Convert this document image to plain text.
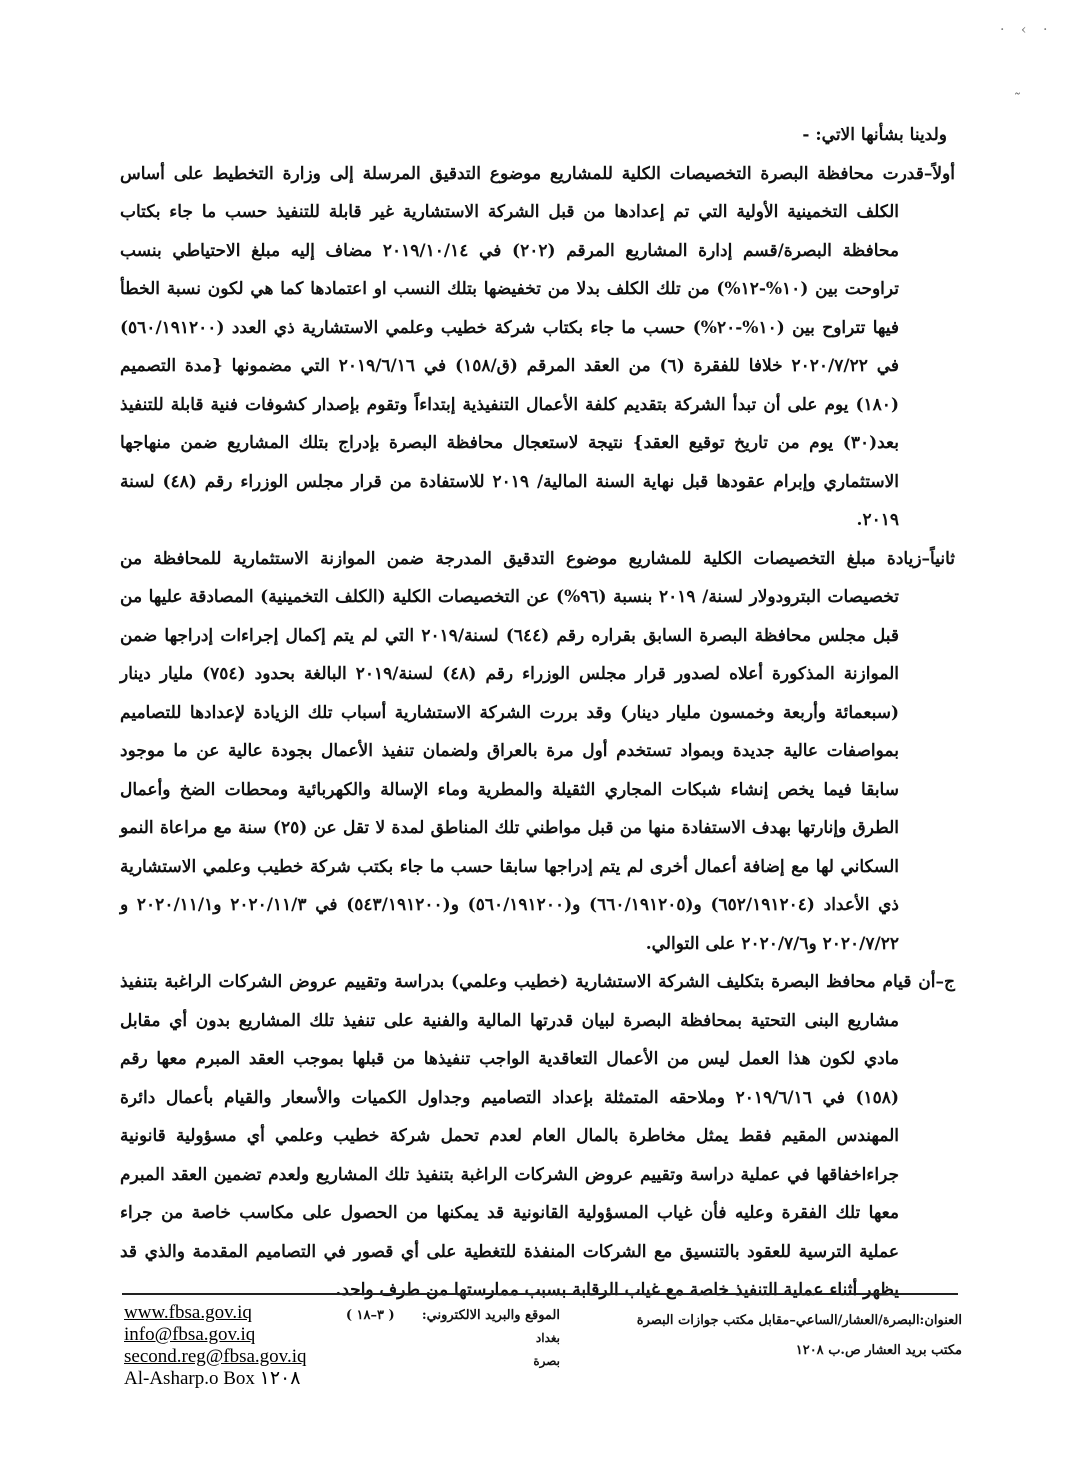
· ‹ ·
˷

ولدينا بشأنها الاتي: -

أولاً–قدرت محافظة البصرة التخصيصات الكلية للمشاريع موضوع التدقيق المرسلة إلى وزارة التخطيط على أساس الكلف التخمينية الأولية التي تم إعدادها من قبل الشركة الاستشارية غير قابلة للتنفيذ حسب ما جاء بكتاب محافظة البصرة/قسم إدارة المشاريع المرقم (٢٠٢) في ٢٠١٩/١٠/١٤ مضاف إليه مبلغ الاحتياطي بنسب تراوحت بين (١٠%-١٢%) من تلك الكلف بدلا من تخفيضها بتلك النسب او اعتمادها كما هي لكون نسبة الخطأ فيها تتراوح بين (١٠%-٢٠%) حسب ما جاء بكتاب شركة خطيب وعلمي الاستشارية ذي العدد (٥٦٠/١٩١٢٠٠) في ٢٠٢٠/٧/٢٢ خلافا للفقرة (٦) من العقد المرقم (ق/١٥٨) في ٢٠١٩/٦/١٦ التي مضمونها {مدة التصميم (١٨٠) يوم على أن تبدأ الشركة بتقديم كلفة الأعمال التنفيذية إبتداءاً وتقوم بإصدار كشوفات فنية قابلة للتنفيذ بعد(٣٠) يوم من تاريخ توقيع العقد} نتيجة لاستعجال محافظة البصرة بإدراج بتلك المشاريع ضمن منهاجها الاستثماري وإبرام عقودها قبل نهاية السنة المالية/ ٢٠١٩ للاستفادة من قرار مجلس الوزراء رقم (٤٨) لسنة ٢٠١٩.

ثانياً–زيادة مبلغ التخصيصات الكلية للمشاريع موضوع التدقيق المدرجة ضمن الموازنة الاستثمارية للمحافظة من تخصيصات البترودولار لسنة/ ٢٠١٩ بنسبة (٩٦%) عن التخصيصات الكلية (الكلف التخمينية) المصادقة عليها من قبل مجلس محافظة البصرة السابق بقراره رقم (٦٤٤) لسنة/٢٠١٩ التي لم يتم إكمال إجراءات إدراجها ضمن الموازنة المذكورة أعلاه لصدور قرار مجلس الوزراء رقم (٤٨) لسنة/٢٠١٩ البالغة بحدود (٧٥٤) مليار دينار (سبعمائة وأربعة وخمسون مليار دينار) وقد بررت الشركة الاستشارية أسباب تلك الزيادة لإعدادها للتصاميم بمواصفات عالية جديدة وبمواد تستخدم أول مرة بالعراق ولضمان تنفيذ الأعمال بجودة عالية عن ما موجود سابقا فيما يخص إنشاء شبكات المجاري الثقيلة والمطرية وماء الإسالة والكهربائية ومحطات الضخ وأعمال الطرق وإنارتها بهدف الاستفادة منها من قبل مواطني تلك المناطق لمدة لا تقل عن (٢٥) سنة مع مراعاة النمو السكاني لها مع إضافة أعمال أخرى لم يتم إدراجها سابقا حسب ما جاء بكتب شركة خطيب وعلمي الاستشارية ذي الأعداد (٦٥٢/١٩١٢٠٤) و(٦٦٠/١٩١٢٠٥) و(٥٦٠/١٩١٢٠٠) و(٥٤٣/١٩١٢٠٠) في ٢٠٢٠/١١/٣ و٢٠٢٠/١١/١ و ٢٠٢٠/٧/٢٢ و٢٠٢٠/٧/٦ على التوالي.

ج–أن قيام محافظ البصرة بتكليف الشركة الاستشارية (خطيب وعلمي) بدراسة وتقييم عروض الشركات الراغبة بتنفيذ مشاريع البنى التحتية بمحافظة البصرة لبيان قدرتها المالية والفنية على تنفيذ تلك المشاريع بدون أي مقابل مادي لكون هذا العمل ليس من الأعمال التعاقدية الواجب تنفيذها من قبلها بموجب العقد المبرم معها رقم (١٥٨) في ٢٠١٩/٦/١٦ وملاحقه المتمثلة بإعداد التصاميم وجداول الكميات والأسعار والقيام بأعمال دائرة المهندس المقيم فقط يمثل مخاطرة بالمال العام لعدم تحمل شركة خطيب وعلمي أي مسؤولية قانونية جراءاخفاقها في عملية دراسة وتقييم عروض الشركات الراغبة بتنفيذ تلك المشاريع ولعدم تضمين العقد المبرم معها تلك الفقرة وعليه فأن غياب المسؤولية القانونية قد يمكنها من الحصول على مكاسب خاصة من جراء عملية الترسية للعقود بالتنسيق مع الشركات المنفذة للتغطية على أي قصور في التصاميم المقدمة والذي قد يظهر أثناء عملية التنفيذ خاصة مع غياب الرقابة بسبب ممارستها من طرف واحد.

www.fbsa.gov.iq
info@fbsa.gov.iq
second.reg@fbsa.gov.iq
Al-Asharp.o Box ١٢٠٨
الموقع والبريد الالكتروني:      ( ٣–١٨ )
بغداد
بصرة
العنوان:البصرة/العشار/الساعي–مقابل مكتب جوازات البصرة
مكتب بريد العشار ص.ب ١٢٠٨
